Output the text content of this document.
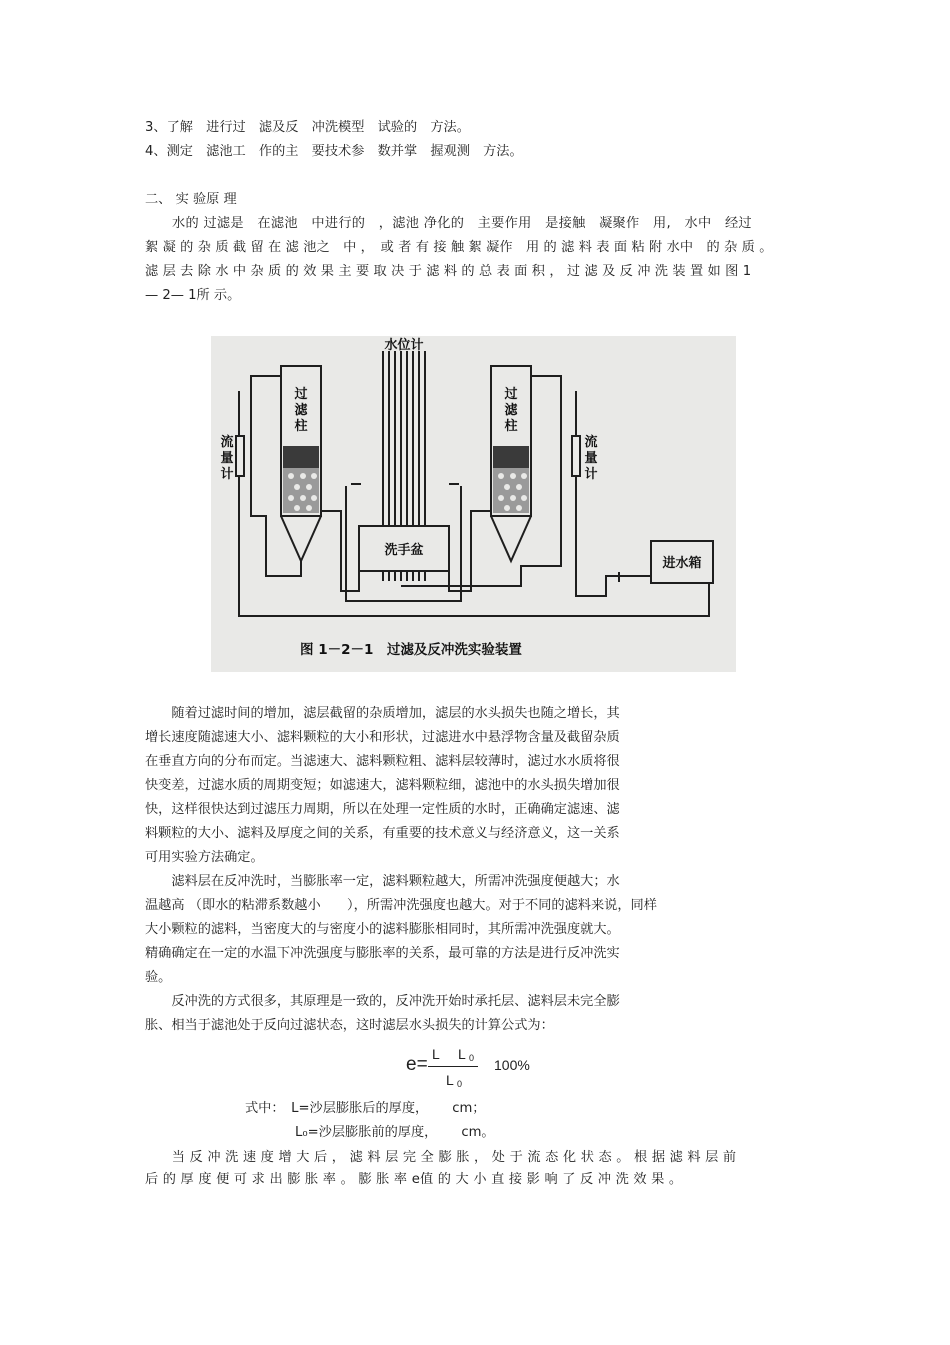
3、了解　进行过　滤及反　冲洗模型　试验的　方法。
4、测定　滤池工　作的主　要技术参　数并掌　握观测　方法。
二、 实 验原 理
　　水的 过滤是　在滤池　中进行的　，滤池 净化的　主要作用　是接触　凝聚作　用,　水中　经过
絮 凝 的 杂 质 截 留 在 滤 池之　中 ，　或 者 有 接 触 絮 凝作　用 的 滤 料 表 面 粘 附 水中　的 杂 质 。
滤 层 去 除 水 中 杂 质 的 效 果 主 要 取 决 于 滤 料 的 总 表 面 积 ， 过 滤 及 反 冲 洗 装 置 如 图 1
— 2— 1所 示。
水位计
过
滤
柱
过
滤
柱
流
量
计
流
量
计
洗手盆
进水箱
图 1－2－1　过滤及反冲洗实验装置
　　随着过滤时间的增加，滤层截留的杂质增加，滤层的水头损失也随之增长，其
增长速度随滤速大小、滤料颗粒的大小和形状，过滤进水中悬浮物含量及截留杂质
在垂直方向的分布而定。当滤速大、滤料颗粒粗、滤料层较薄时，滤过水水质将很
快变差，过滤水质的周期变短；如滤速大，滤料颗粒细，滤池中的水头损失增加很
快，这样很快达到过滤压力周期，所以在处理一定性质的水时，正确确定滤速、滤
料颗粒的大小、滤料及厚度之间的关系，有重要的技术意义与经济意义，这一关系
可用实验方法确定。
　　滤料层在反冲洗时，当膨胀率一定，滤料颗粒越大，所需冲洗强度便越大；水
温越高 （即水的粘滞系数越小　　），所需冲洗强度也越大。对于不同的滤料来说，同样
大小颗粒的滤料，当密度大的与密度小的滤料膨胀相同时，其所需冲洗强度就大。
精确确定在一定的水温下冲洗强度与膨胀率的关系，最可靠的方法是进行反冲洗实
验。
　　反冲洗的方式很多，其原理是一致的，反冲洗开始时承托层、滤料层未完全膨
胀、相当于滤池处于反向过滤状态，这时滤层水头损失的计算公式为：
e= L L 0
L 0
100%
式中：　L=沙层膨胀后的厚度，　　 cm；
L₀=沙层膨胀前的厚度，　　 cm。
　　当 反 冲 洗 速 度 增 大 后 ， 滤 料 层 完 全 膨 胀 ， 处 于 流 态 化 状 态 。 根 据 滤 料 层 前
后 的 厚 度 便 可 求 出 膨 胀 率 。 膨 胀 率 e值 的 大 小 直 接 影 响 了 反 冲 洗 效 果 。
